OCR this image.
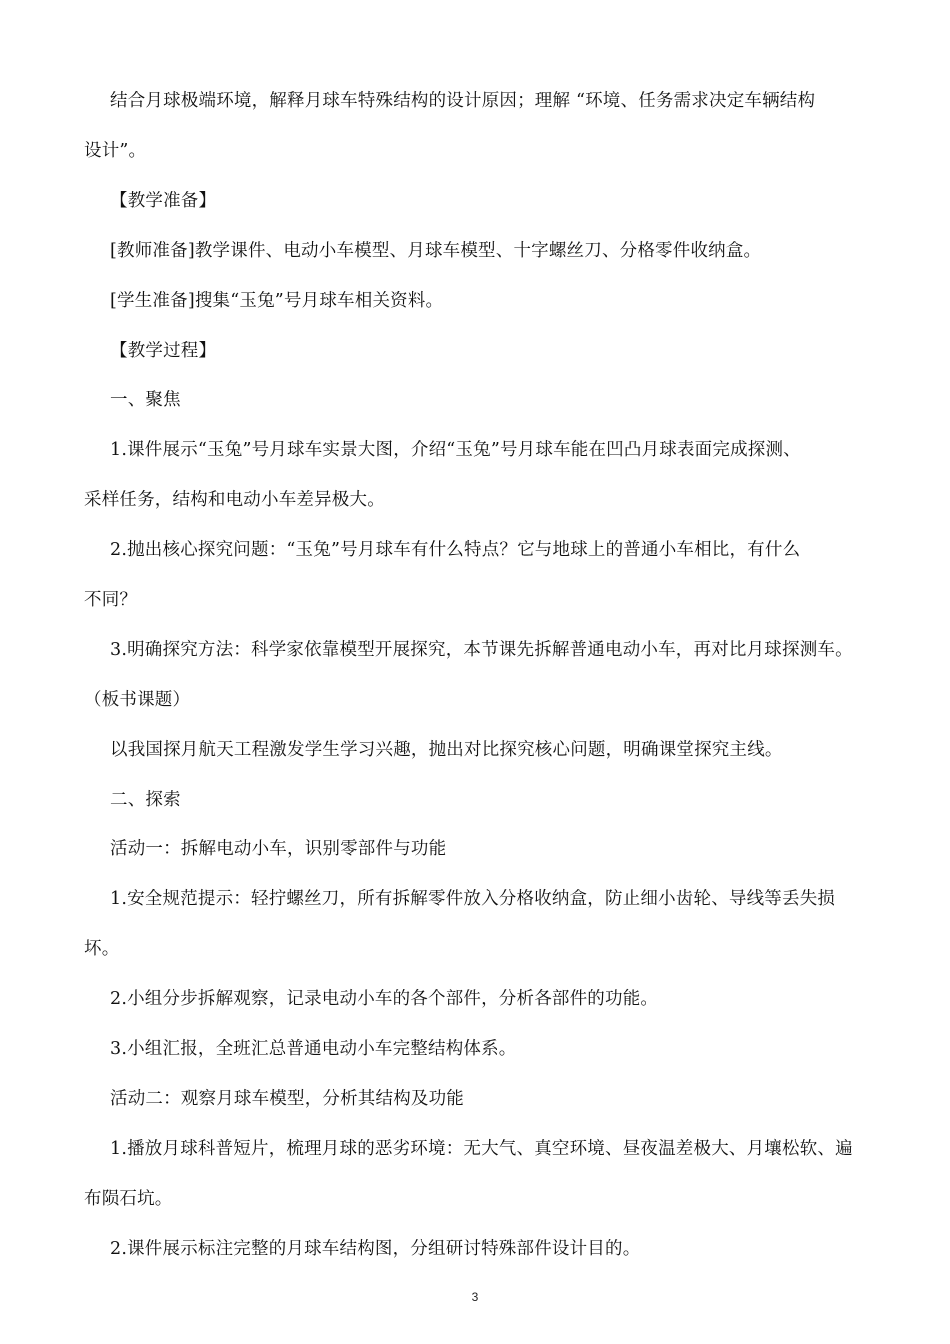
结合月球极端环境，解释月球车特殊结构的设计原因；理解 “环境、任务需求决定车辆结构
设计”。
【教学准备】
[教师准备]教学课件、电动小车模型、月球车模型、十字螺丝刀、分格零件收纳盒。
[学生准备]搜集“玉兔”号月球车相关资料。
【教学过程】
一、聚焦
1.课件展示“玉兔”号月球车实景大图，介绍“玉兔”号月球车能在凹凸月球表面完成探测、
采样任务，结构和电动小车差异极大。
2.抛出核心探究问题：“玉兔”号月球车有什么特点？它与地球上的普通小车相比，有什么
不同？
3.明确探究方法：科学家依靠模型开展探究，本节课先拆解普通电动小车，再对比月球探测车。
（板书课题）
以我国探月航天工程激发学生学习兴趣，抛出对比探究核心问题，明确课堂探究主线。
二、探索
活动一：拆解电动小车，识别零部件与功能
1.安全规范提示：轻拧螺丝刀，所有拆解零件放入分格收纳盒，防止细小齿轮、导线等丢失损
坏。
2.小组分步拆解观察，记录电动小车的各个部件，分析各部件的功能。
3.小组汇报，全班汇总普通电动小车完整结构体系。
活动二：观察月球车模型，分析其结构及功能
1.播放月球科普短片，梳理月球的恶劣环境：无大气、真空环境、昼夜温差极大、月壤松软、遍
布陨石坑。
2.课件展示标注完整的月球车结构图，分组研讨特殊部件设计目的。
3
